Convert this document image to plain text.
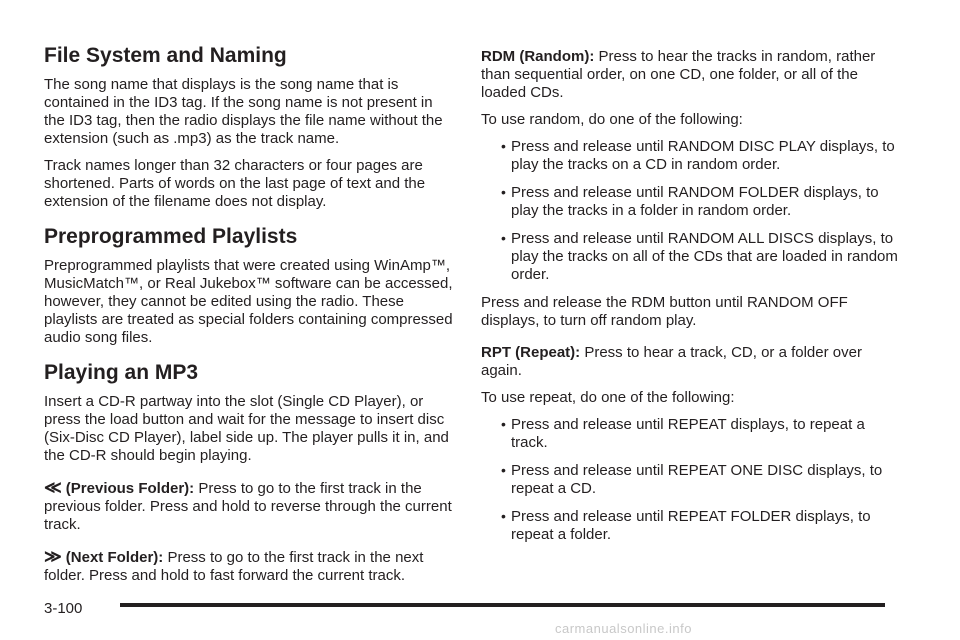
File System and Naming

The song name that displays is the song name that is contained in the ID3 tag. If the song name is not present in the ID3 tag, then the radio displays the file name without the extension (such as .mp3) as the track name.

Track names longer than 32 characters or four pages are shortened. Parts of words on the last page of text and the extension of the filename does not display.

Preprogrammed Playlists

Preprogrammed playlists that were created using WinAmp™, MusicMatch™, or Real Jukebox™ software can be accessed, however, they cannot be edited using the radio. These playlists are treated as special folders containing compressed audio song files.

Playing an MP3

Insert a CD-R partway into the slot (Single CD Player), or press the load button and wait for the message to insert disc (Six-Disc CD Player), label side up. The player pulls it in, and the CD-R should begin playing.

≪ (Previous Folder): Press to go to the first track in the previous folder. Press and hold to reverse through the current track.

≫ (Next Folder): Press to go to the first track in the next folder. Press and hold to fast forward the current track.

RDM (Random): Press to hear the tracks in random, rather than sequential order, on one CD, one folder, or all of the loaded CDs.

To use random, do one of the following:

• Press and release until RANDOM DISC PLAY displays, to play the tracks on a CD in random order.
• Press and release until RANDOM FOLDER displays, to play the tracks in a folder in random order.
• Press and release until RANDOM ALL DISCS displays, to play the tracks on all of the CDs that are loaded in random order.

Press and release the RDM button until RANDOM OFF displays, to turn off random play.

RPT (Repeat): Press to hear a track, CD, or a folder over again.

To use repeat, do one of the following:

• Press and release until REPEAT displays, to repeat a track.
• Press and release until REPEAT ONE DISC displays, to repeat a CD.
• Press and release until REPEAT FOLDER displays, to repeat a folder.
3-100
carmanualsonline.info
